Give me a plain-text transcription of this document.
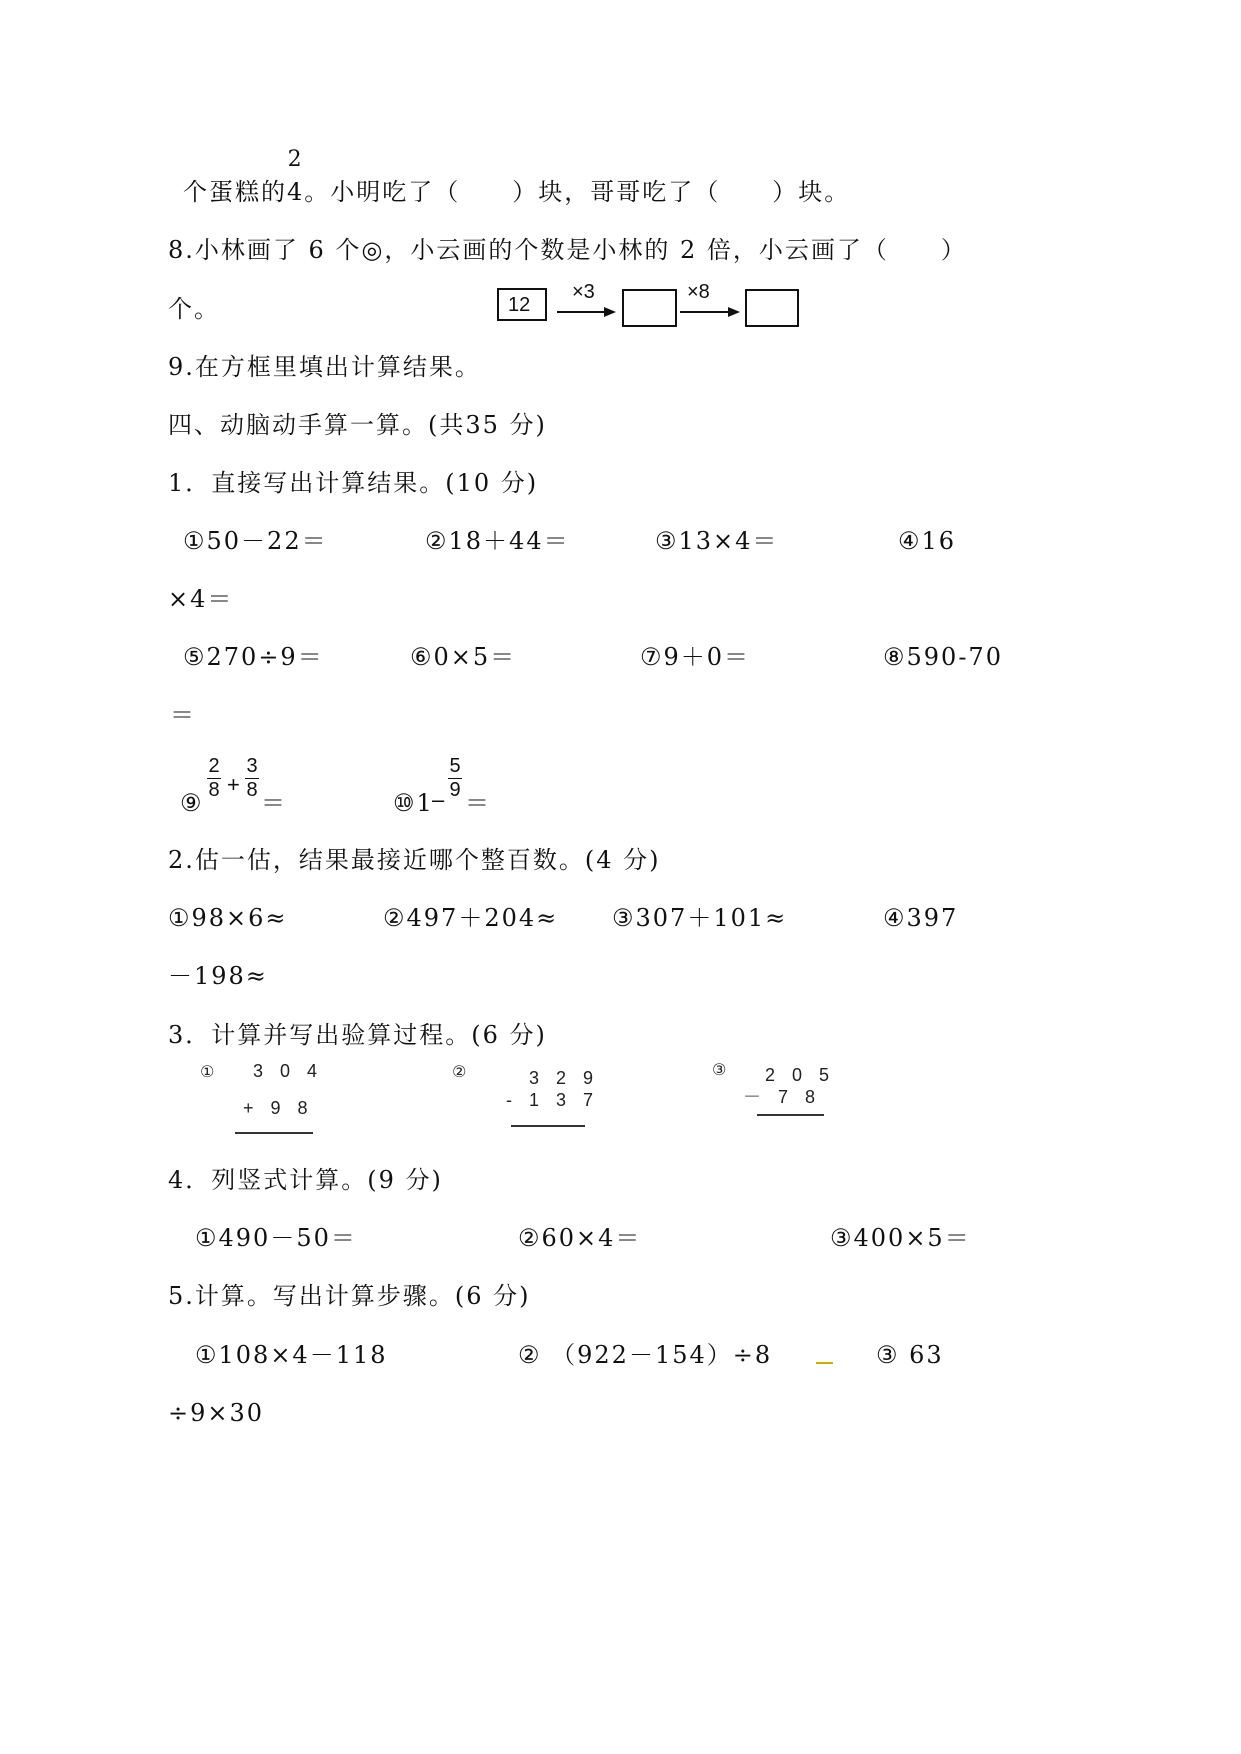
个蛋糕的
2
4。小明吃了（　　）块，哥哥吃了（　　）块。
8.小林画了 6 个◎，小云画的个数是小林的 2 倍，小云画了（　　）
个。	12
×3	×8
9.在方框里填出计算结果。
四、动脑动手算一算。(共35 分)
1．直接写出计算结果。(10 分)
①50－22＝	②18＋44＝	③13×4＝	④16
×4＝
⑤270÷9＝	⑥0×5＝	⑦9＋0＝	⑧590-70
＝
⑨
2
8 +
3
8 ＝	⑩1
–
5
9 ＝
2.估一估，结果最接近哪个整百数。(4 分)
①98×6≈	②497＋204≈ ③307＋101≈	④397
－198≈
3．计算并写出验算过程。(6 分)
① 3 0 4
+ 9 8
②	3 2 9
- 1 3 7
③ 2 0 5
－ 7 8
4．列竖式计算。(9 分)
①490－50＝	②60×4＝	③400×5＝
5.计算。写出计算步骤。(6 分)
①108×4－118	② （922－154）÷8	③ 63
÷9×30
